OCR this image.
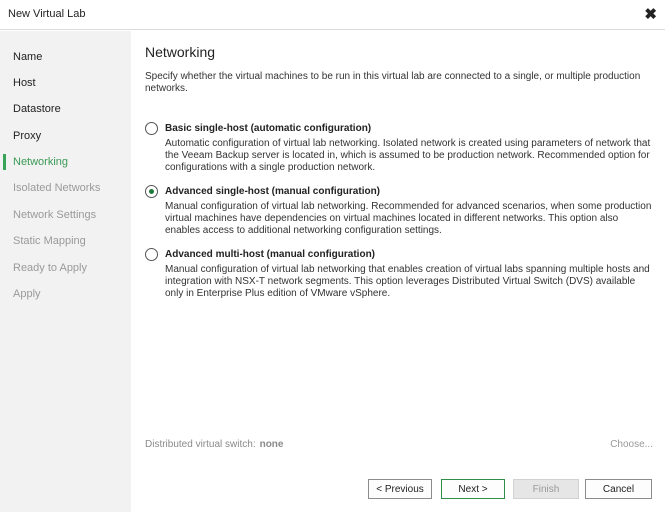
New Virtual Lab	✖
Name
Host
Datastore
Proxy
Networking
Isolated Networks
Network Settings
Static Mapping
Ready to Apply
Apply
Networking
Specify whether the virtual machines to be run in this virtual lab are connected to a single, or multiple production networks.
Basic single-host (automatic configuration)
Automatic configuration of virtual lab networking. Isolated network is created using parameters of network that the Veeam Backup server is located in, which is assumed to be production network. Recommended option for configurations with a single production network.
Advanced single-host (manual configuration)
Manual configuration of virtual lab networking. Recommended for advanced scenarios, when some production virtual machines have dependencies on virtual machines located in different networks. This option also enables access to additional networking configuration settings.
Advanced multi-host (manual configuration)
Manual configuration of virtual lab networking that enables creation of virtual labs spanning multiple hosts and integration with NSX-T network segments. This option leverages Distributed Virtual Switch (DVS) available only in Enterprise Plus edition of VMware vSphere.
Distributed virtual switch: none	Choose...
< Previous	Next >	Finish	Cancel
